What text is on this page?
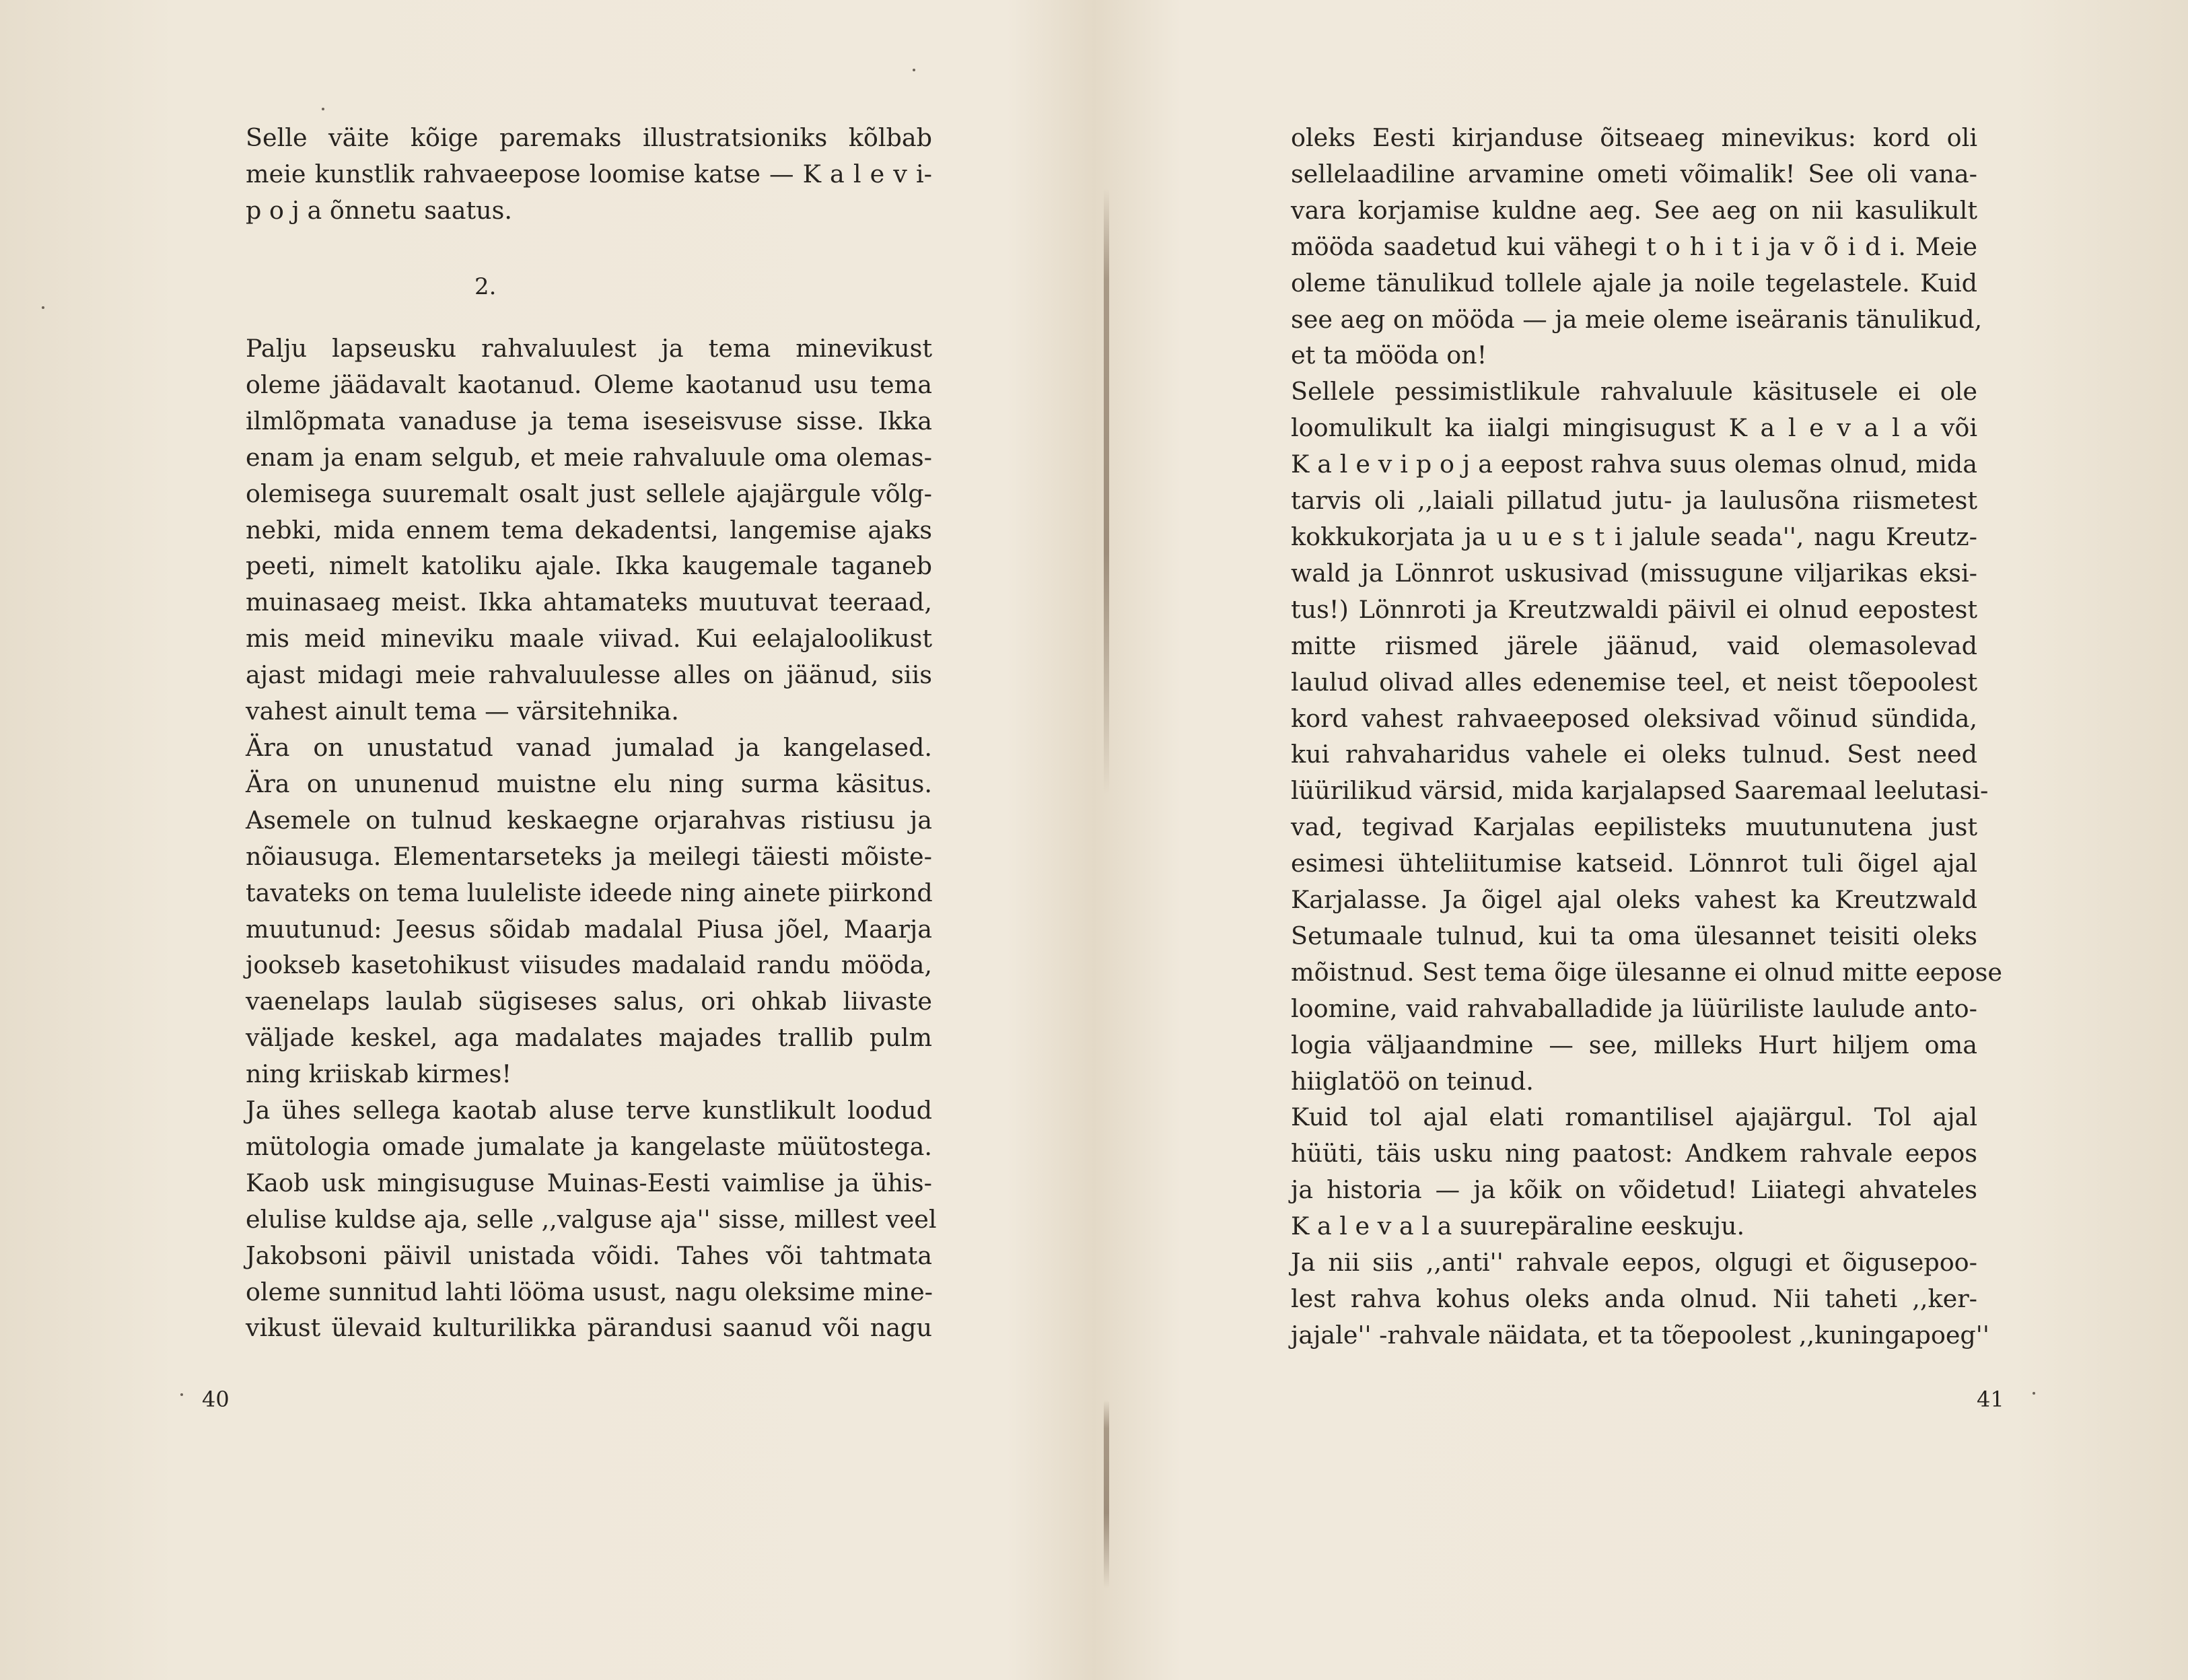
Selle väite kõige paremaks illustratsioniks kõlbab
meie kunstlik rahvaeepose loomise katse — K a l e v i-
p o j a õnnetu saatus.

2.

Palju lapseusku rahvaluulest ja tema minevikust
oleme jäädavalt kaotanud. Oleme kaotanud usu tema
ilmlõpmata vanaduse ja tema iseseisvuse sisse. Ikka
enam ja enam selgub, et meie rahvaluule oma olemas-
olemisega suuremalt osalt just sellele ajajärgule võlg-
nebki, mida ennem tema dekadentsi, langemise ajaks
peeti, nimelt katoliku ajale. Ikka kaugemale taganeb
muinasaeg meist. Ikka ahtamateks muutuvat teeraad,
mis meid mineviku maale viivad. Kui eelajaloolikust
ajast midagi meie rahvaluulesse alles on jäänud, siis
vahest ainult tema — värsitehnika.

Ära on unustatud vanad jumalad ja kangelased.
Ära on ununenud muistne elu ning surma käsitus.
Asemele on tulnud keskaegne orjarahvas ristiusu ja
nõiausuga. Elementarseteks ja meilegi täiesti mõiste-
tavateks on tema luuleliste ideede ning ainete piirkond
muutunud: Jeesus sõidab madalal Piusa jõel, Maarja
jookseb kasetohikust viisudes madalaid randu mööda,
vaenelaps laulab sügiseses salus, ori ohkab liivaste
väljade keskel, aga madalates majades trallib pulm
ning kriiskab kirmes!

Ja ühes sellega kaotab aluse terve kunstlikult loodud
mütologia omade jumalate ja kangelaste müütostega.
Kaob usk mingisuguse Muinas-Eesti vaimlise ja ühis-
elulise kuldse aja, selle ,,valguse aja'' sisse, millest veel
Jakobsoni päivil unistada võidi. Tahes või tahtmata
oleme sunnitud lahti lööma usust, nagu oleksime mine-
vikust ülevaid kulturilikka pärandusi saanud või nagu

oleks Eesti kirjanduse õitseaeg minevikus: kord oli
sellelaadiline arvamine ometi võimalik! See oli vana-
vara korjamise kuldne aeg. See aeg on nii kasulikult
mööda saadetud kui vähegi t o h i t i ja v õ i d i. Meie
oleme tänulikud tollele ajale ja noile tegelastele. Kuid
see aeg on mööda — ja meie oleme iseäranis tänulikud,
et ta mööda on!

Sellele pessimistlikule rahvaluule käsitusele ei ole
loomulikult ka iialgi mingisugust K a l e v a l a või
K a l e v i p o j a eepost rahva suus olemas olnud, mida
tarvis oli ,,laiali pillatud jutu- ja laulusõna riismetest
kokkukorjata ja u u e s t i jalule seada'', nagu Kreutz-
wald ja Lönnrot uskusivad (missugune viljarikas eksi-
tus!) Lönnroti ja Kreutzwaldi päivil ei olnud eepostest
mitte riismed järele jäänud, vaid olemasolevad
laulud olivad alles edenemise teel, et neist tõepoolest
kord vahest rahvaeeposed oleksivad võinud sündida,
kui rahvaharidus vahele ei oleks tulnud. Sest need
lüürilikud värsid, mida karjalapsed Saaremaal leelutasi-
vad, tegivad Karjalas eepilisteks muutunutena just
esimesi ühteliitumise katseid. Lönnrot tuli õigel ajal
Karjalasse. Ja õigel ajal oleks vahest ka Kreutzwald
Setumaale tulnud, kui ta oma ülesannet teisiti oleks
mõistnud. Sest tema õige ülesanne ei olnud mitte eepose
loomine, vaid rahvaballadide ja lüüriliste laulude anto-
logia väljaandmine — see, milleks Hurt hiljem oma
hiiglatöö on teinud.

Kuid tol ajal elati romantilisel ajajärgul. Tol ajal
hüüti, täis usku ning paatost: Andkem rahvale eepos
ja historia — ja kõik on võidetud! Liiategi ahvateles
K a l e v a l a suurepäraline eeskuju.

Ja nii siis ,,anti'' rahvale eepos, olgugi et õigusepoo-
lest rahva kohus oleks anda olnud. Nii taheti ,,ker-
jajale'' -rahvale näidata, et ta tõepoolest ,,kuningapoeg''

40	41
